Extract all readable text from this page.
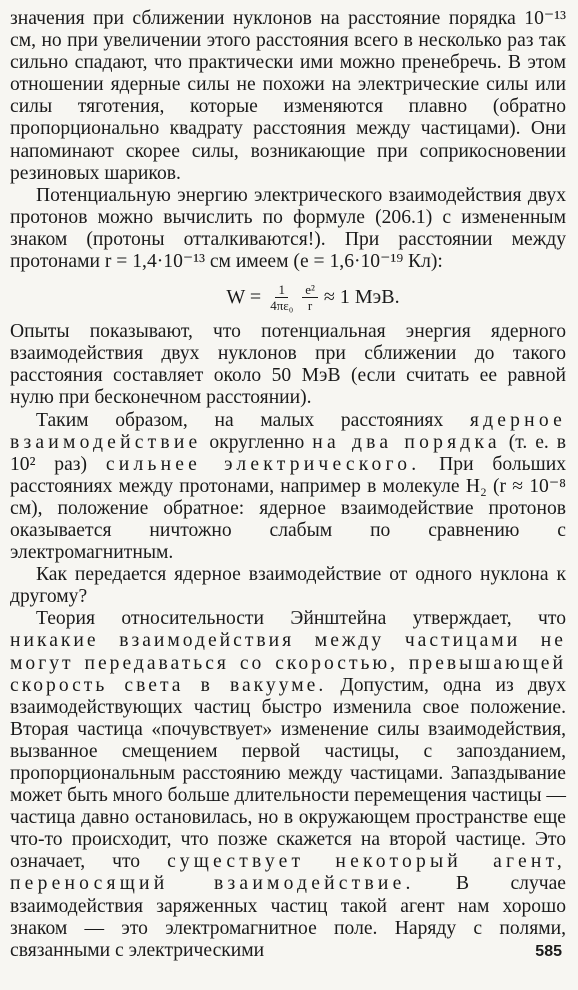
значения при сближении нуклонов на расстояние порядка 10⁻¹³ см, но при увеличении этого расстояния всего в несколько раз так сильно спадают, что практически ими можно пренебречь. В этом отношении ядерные силы не похожи на электрические силы или силы тяготения, которые изменяются плавно (обратно пропорционально квадрату расстояния между частицами). Они напоминают скорее силы, возникающие при соприкосновении резиновых шариков.

Потенциальную энергию электрического взаимодействия двух протонов можно вычислить по формуле (206.1) с измененным знаком (протоны отталкиваются!). При расстоянии между протонами r = 1,4·10⁻¹³ см имеем (e = 1,6·10⁻¹⁹ Кл):

$W = \frac{1}{\text{4πε₀}} \frac{\text{e²}}{r} \approx 1$ МэВ.

Опыты показывают, что потенциальная энергия ядерного взаимодействия двух нуклонов при сближении до такого расстояния составляет около 50 МэВ (если считать ее равной нулю при бесконечном расстоянии).

Таким образом, на малых расстояниях ядерное взаимодействие округленно на два порядка (т. е. в 10² раз) сильнее электрического. При больших расстояниях между протонами, например в молекуле H₂ (r ≈ 10⁻⁸ см), положение обратное: ядерное взаимодействие протонов оказывается ничтожно слабым по сравнению с электромагнитным.

Как передается ядерное взаимодействие от одного нуклона к другому?

Теория относительности Эйнштейна утверждает, что никакие взаимодействия между частицами не могут передаваться со скоростью, превышающей скорость света в вакууме. Допустим, одна из двух взаимодействующих частиц быстро изменила свое положение. Вторая частица «почувствует» изменение силы взаимодействия, вызванное смещением первой частицы, с запозданием, пропорциональным расстоянию между частицами. Запаздывание может быть много больше длительности перемещения частицы — частица давно остановилась, но в окружающем пространстве еще что-то происходит, что позже скажется на второй частице. Это означает, что существует некоторый агент, переносящий взаимодействие. В случае взаимодействия заряженных частиц такой агент нам хорошо знаком — это электромагнитное поле. Наряду с полями, связанными с электрическими	585
